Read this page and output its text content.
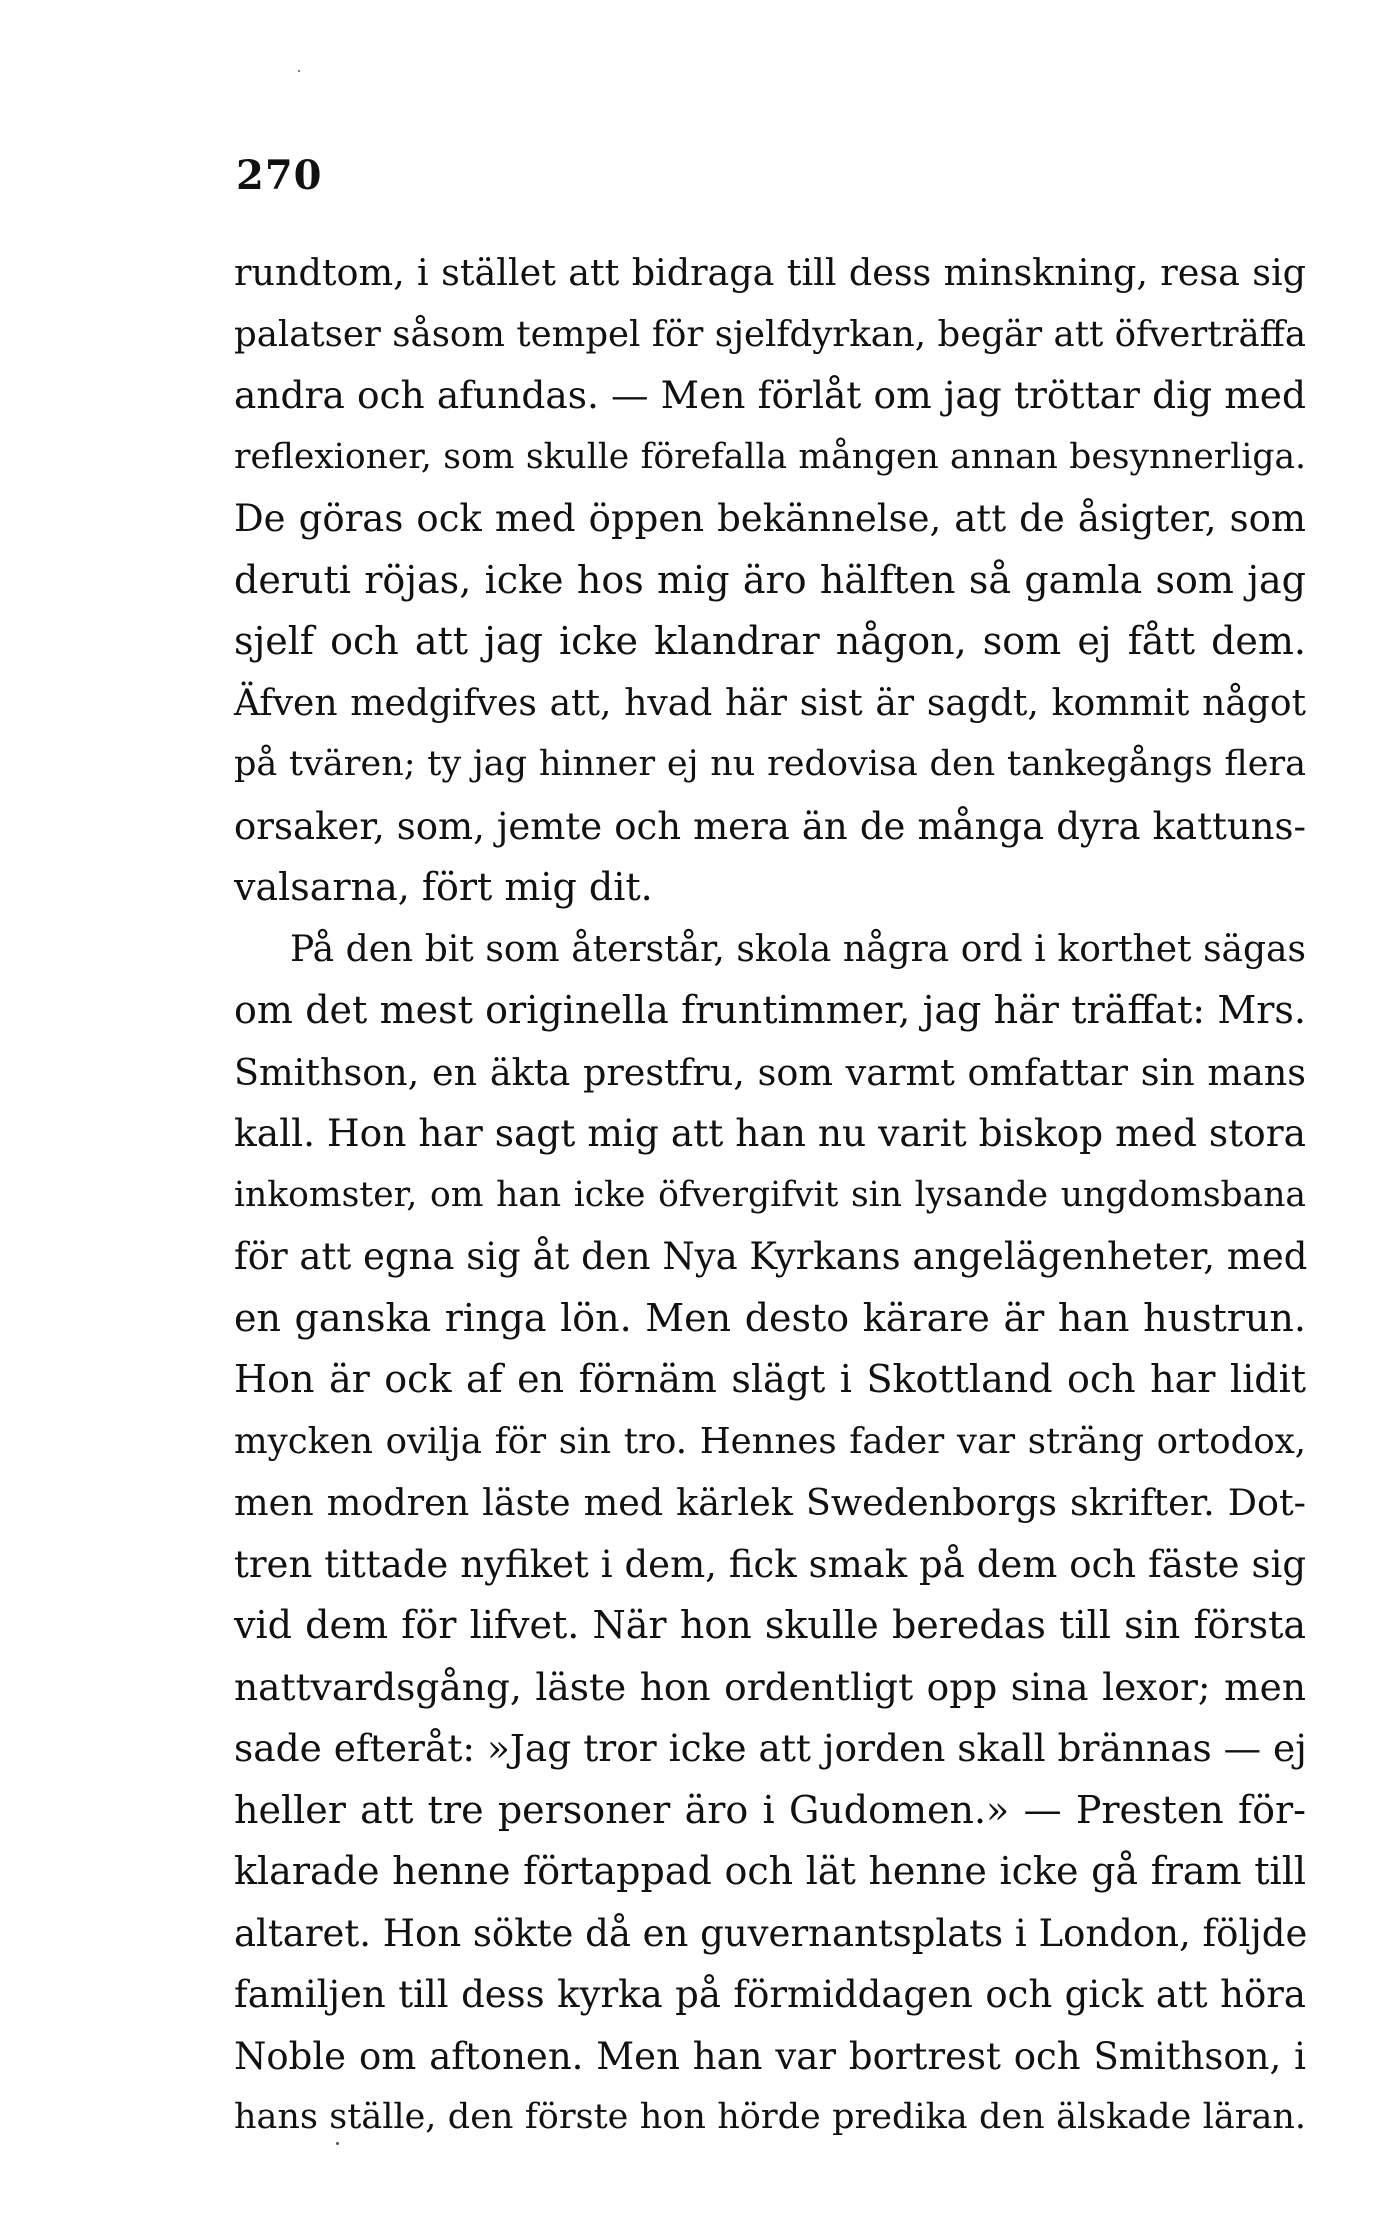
270
rundtom, i stället att bidraga till dess minskning, resa sig
palatser såsom tempel för sjelfdyrkan, begär att öfverträffa
andra och afundas. — Men förlåt om jag tröttar dig med
reflexioner, som skulle förefalla mången annan besynnerliga.
De göras ock med öppen bekännelse, att de åsigter, som
deruti röjas, icke hos mig äro hälften så gamla som jag
sjelf och att jag icke klandrar någon, som ej fått dem.
Äfven medgifves att, hvad här sist är sagdt, kommit något
på tvären; ty jag hinner ej nu redovisa den tankegångs flera
orsaker, som, jemte och mera än de många dyra kattuns-
valsarna, fört mig dit.
På den bit som återstår, skola några ord i korthet sägas
om det mest originella fruntimmer, jag här träffat: Mrs.
Smithson, en äkta prestfru, som varmt omfattar sin mans
kall. Hon har sagt mig att han nu varit biskop med stora
inkomster, om han icke öfvergifvit sin lysande ungdomsbana
för att egna sig åt den Nya Kyrkans angelägenheter, med
en ganska ringa lön. Men desto kärare är han hustrun.
Hon är ock af en förnäm slägt i Skottland och har lidit
mycken ovilja för sin tro. Hennes fader var sträng ortodox,
men modren läste med kärlek Swedenborgs skrifter. Dot-
tren tittade nyfiket i dem, fick smak på dem och fäste sig
vid dem för lifvet. När hon skulle beredas till sin första
nattvardsgång, läste hon ordentligt opp sina lexor; men
sade efteråt: »Jag tror icke att jorden skall brännas — ej
heller att tre personer äro i Gudomen.» — Presten för-
klarade henne förtappad och lät henne icke gå fram till
altaret. Hon sökte då en guvernantsplats i London, följde
familjen till dess kyrka på förmiddagen och gick att höra
Noble om aftonen. Men han var bortrest och Smithson, i
hans ställe, den förste hon hörde predika den älskade läran.
